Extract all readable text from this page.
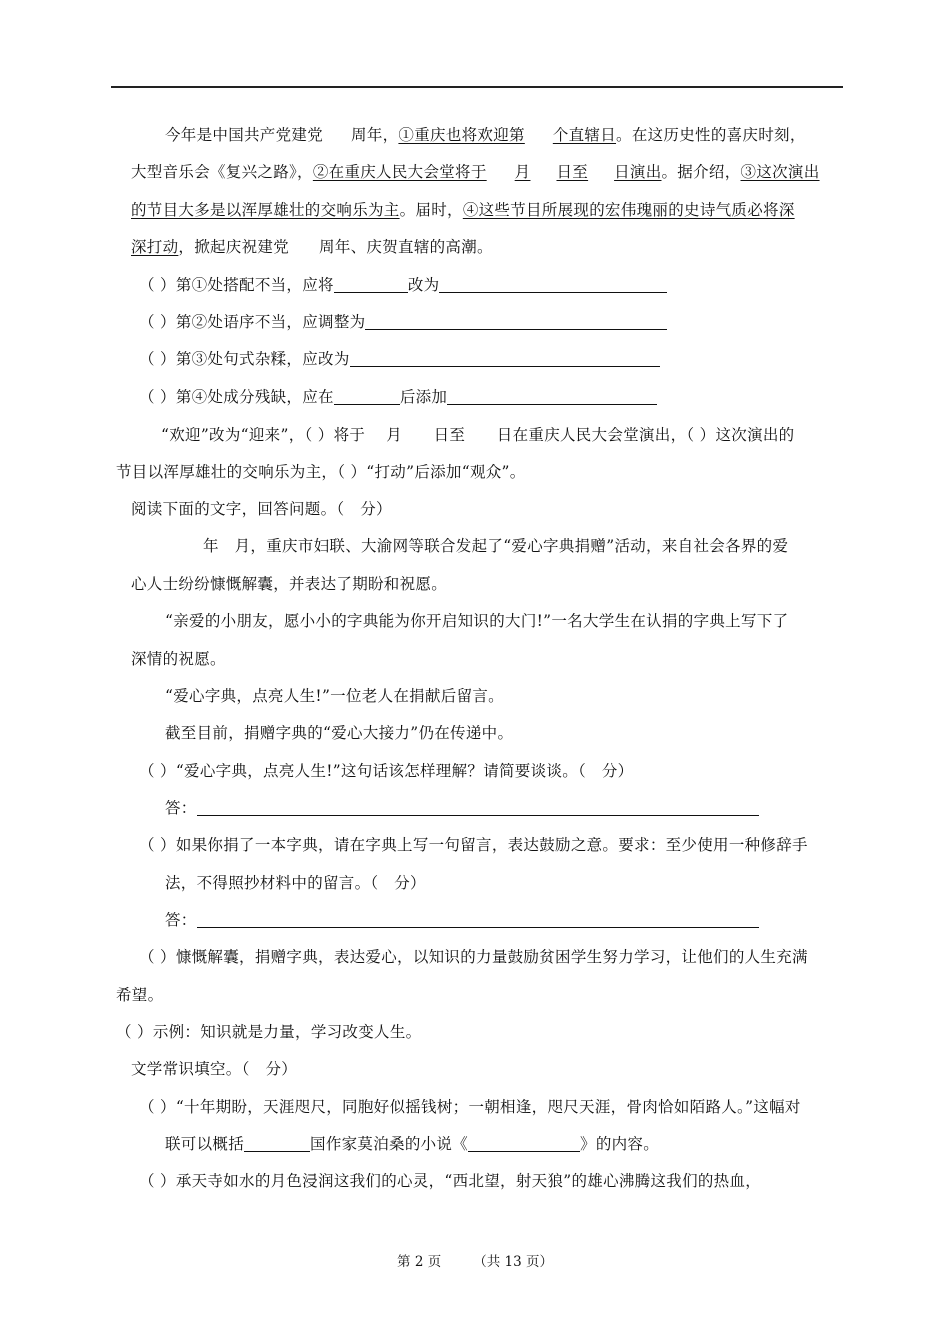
今年是中国共产党建党 周年，①重庆也将欢迎第 个直辖日。在这历史性的喜庆时刻，
大型音乐会《复兴之路》，②在重庆人民大会堂将于 月 日至 日演出。据介绍，③这次演出
的节目大多是以浑厚雄壮的交响乐为主。届时，④这些节目所展现的宏伟瑰丽的史诗气质必将深
深打动，掀起庆祝建党 周年、庆贺直辖的高潮。
（ ）第①处搭配不当，应将	改为
（ ）第②处语序不当，应调整为
（ ）第③处句式杂糅，应改为
（ ）第④处成分残缺，应在	后添加
“欢迎”改为“迎来”，（ ）将于　 月　　日至　　日在重庆人民大会堂演出，（ ）这次演出的
节目以浑厚雄壮的交响乐为主，（ ）“打动”后添加“观众”。
阅读下面的文字，回答问题。（　分）
年　月，重庆市妇联、大渝网等联合发起了“爱心字典捐赠”活动，来自社会各界的爱
心人士纷纷慷慨解囊，并表达了期盼和祝愿。
“亲爱的小朋友，愿小小的字典能为你开启知识的大门!”一名大学生在认捐的字典上写下了
深情的祝愿。
“爱心字典，点亮人生!”一位老人在捐献后留言。
截至目前，捐赠字典的“爱心大接力”仍在传递中。
（ ）“爱心字典，点亮人生!”这句话该怎样理解？请简要谈谈。（　分）
答：
（ ）如果你捐了一本字典，请在字典上写一句留言，表达鼓励之意。要求：至少使用一种修辞手
法，不得照抄材料中的留言。（　分）
答：
（ ）慷慨解囊，捐赠字典，表达爱心，以知识的力量鼓励贫困学生努力学习，让他们的人生充满
希望。
（ ）示例：知识就是力量，学习改变人生。
文学常识填空。（　分）
（ ）“十年期盼，天涯咫尺，同胞好似摇钱树；一朝相逢，咫尺天涯，骨肉恰如陌路人。”这幅对
联可以概括	国作家莫泊桑的小说《	》的内容。
（ ）承天寺如水的月色浸润这我们的心灵，“西北望，射天狼”的雄心沸腾这我们的热血，
第 2 页 （共 13 页）
